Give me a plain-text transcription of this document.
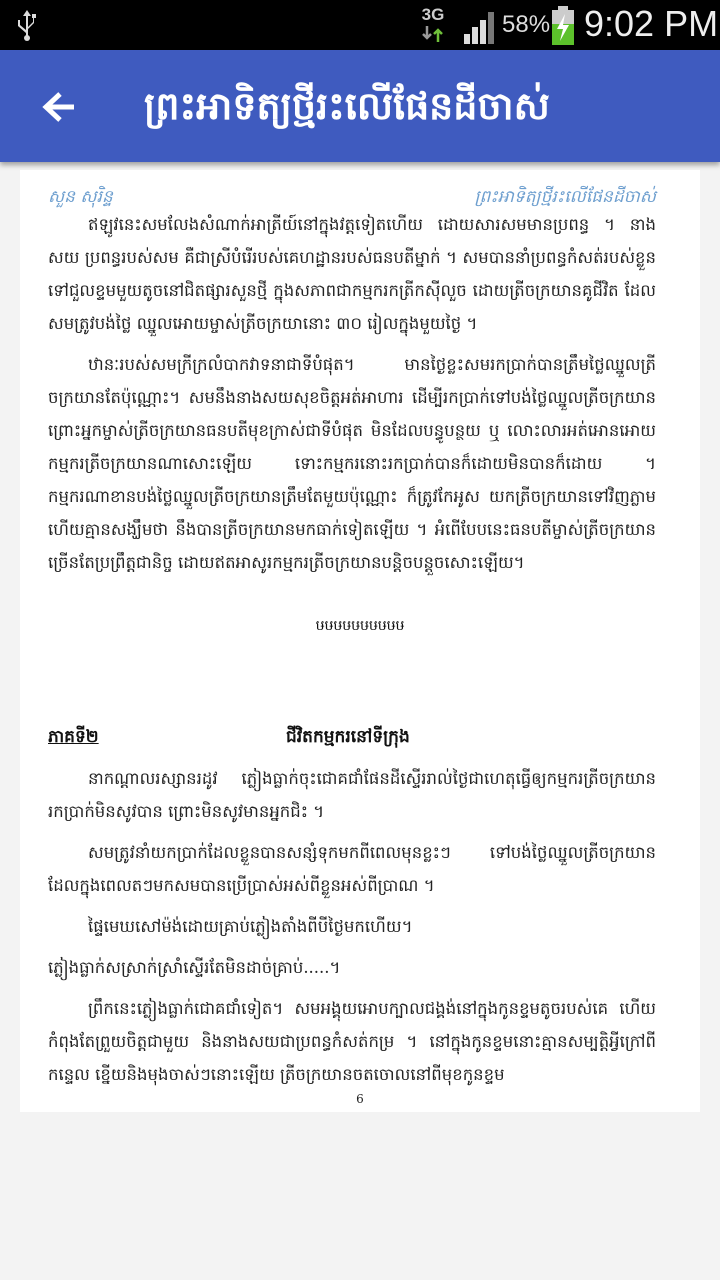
3G 58% 9:02 PM
ព្រះអាទិត្យថ្មីរះលើផែនដីចាស់
សួន សុរិន្ទ	ព្រះអាទិត្យថ្មីរះលើផែនដីចាស់

ឥឡូវនេះសមលែងសំណាក់អាត្រីយ៍នៅក្នុងវត្តទៀតហើយ ដោយសារសមមានប្រពន្ធ ។ នាង សយ ប្រពន្ធរបស់សម គឺជាស្រីបំរើរបស់គេហដ្ឋានរបស់ធនបតីម្នាក់ ។ សមបាននាំប្រពន្ធកំសត់របស់ខ្លួន ទៅជួលខ្ទមមួយតូចនៅជិតផ្សារសួនថ្មី ក្នុងសភាពជាកម្មករកត្រីកស៊ីលួច ដោយត្រីចក្រយានគូជីវិត ដែលសមត្រូវបង់ថ្លៃ ឈ្នួលអោយម្ចាស់ត្រីចក្រយានោះ ៣០ រៀលក្នុងមួយថ្ងៃ ។

ឋានៈរបស់សមក្រីក្រលំបាកវាទនាជាទីបំផុត។ មានថ្ងៃខ្លះសមរកប្រាក់បានត្រឹមថ្លៃឈ្នួលត្រីចក្រយានតែប៉ុណ្ណោះ។ សមនឹងនាងសយសុខចិត្តអត់អាហារ ដើម្បីរកប្រាក់ទៅបង់ថ្លៃឈ្នួលត្រីចក្រយាន ព្រោះអ្នកម្ចាស់ត្រីចក្រយានធនបតីមុខក្រាស់ជាទីបំផុត មិនដែលបន្ធូបន្ថយ ឬ លោះលារអត់អោនអោយកម្មករត្រីចក្រយានណាសោះឡើយ ទោះកម្មករនោះរកប្រាក់បានក៏ដោយមិនបានក៏ដោយ ។កម្មករណាខានបង់ថ្លៃឈ្នួលត្រីចក្រយានត្រឹមតែមួយប៉ុណ្ណោះ ក៏ត្រូវកែអូស យកត្រីចក្រយានទៅវិញភ្លាម ហើយគ្មានសង្ឃឹមថា នឹងបានត្រីចក្រយានមកធាក់ទៀតឡើយ ។ អំពើបែបនេះធនបតីម្ចាស់ត្រីចក្រយានច្រើនតែប្រព្រឹត្តជានិច្ច ដោយឥតអាសូរកម្មករត្រីចក្រយានបន្តិចបន្តួចសោះឡើយ។

ឞឞឞឞឞឞឞឞឞឞ
ភាគទី២	ជីវិតកម្មករនៅទីក្រុង

នាកណ្តាលរស្សានរដូវ ភ្លៀងធ្លាក់ចុះជោគជាំផែនដីស្ទើររាល់ថ្ងៃជាហេតុធ្វើឲ្យកម្មករត្រីចក្រយាន រកប្រាក់មិនសូវបាន ព្រោះមិនសូវមានអ្នកជិះ ។

សមត្រូវនាំយកប្រាក់ដែលខ្លួនបានសន្សំទុកមកពីពេលមុនខ្លះៗ ទៅបង់ថ្លៃឈ្នួលត្រីចក្រយាន ដែលក្នុងពេលតៗមកសមបានប្រើប្រាស់អស់ពីខ្លួនអស់ពីប្រាណ ។

ផ្ទៃមេឃសៅម៉ង់ដោយគ្រាប់ភ្លៀងតាំងពីបីថ្ងៃមកហើយ។

ភ្លៀងធ្លាក់សស្រាក់ស្រាំស្ទើរតែមិនដាច់គ្រាប់.....។

ព្រឹកនេះភ្លៀងធ្លាក់ជោគជាំទៀត។ សមអង្គុយអោបក្បាលជង្គង់នៅក្នុងកូនខ្ទមតូចរបស់គេ ហើយកំពុងតែព្រួយចិត្តជាមួយ និងនាងសយជាប្រពន្ធកំសត់កម្រ ។ នៅក្នុងកូនខ្ទមនោះគ្មានសម្បត្តិអ្វីក្រៅពីកន្ទេល ខ្នើយនិងមុងចាស់ៗនោះឡើយ ត្រីចក្រយានចតចោលនៅពីមុខកូនខ្ទម

6
